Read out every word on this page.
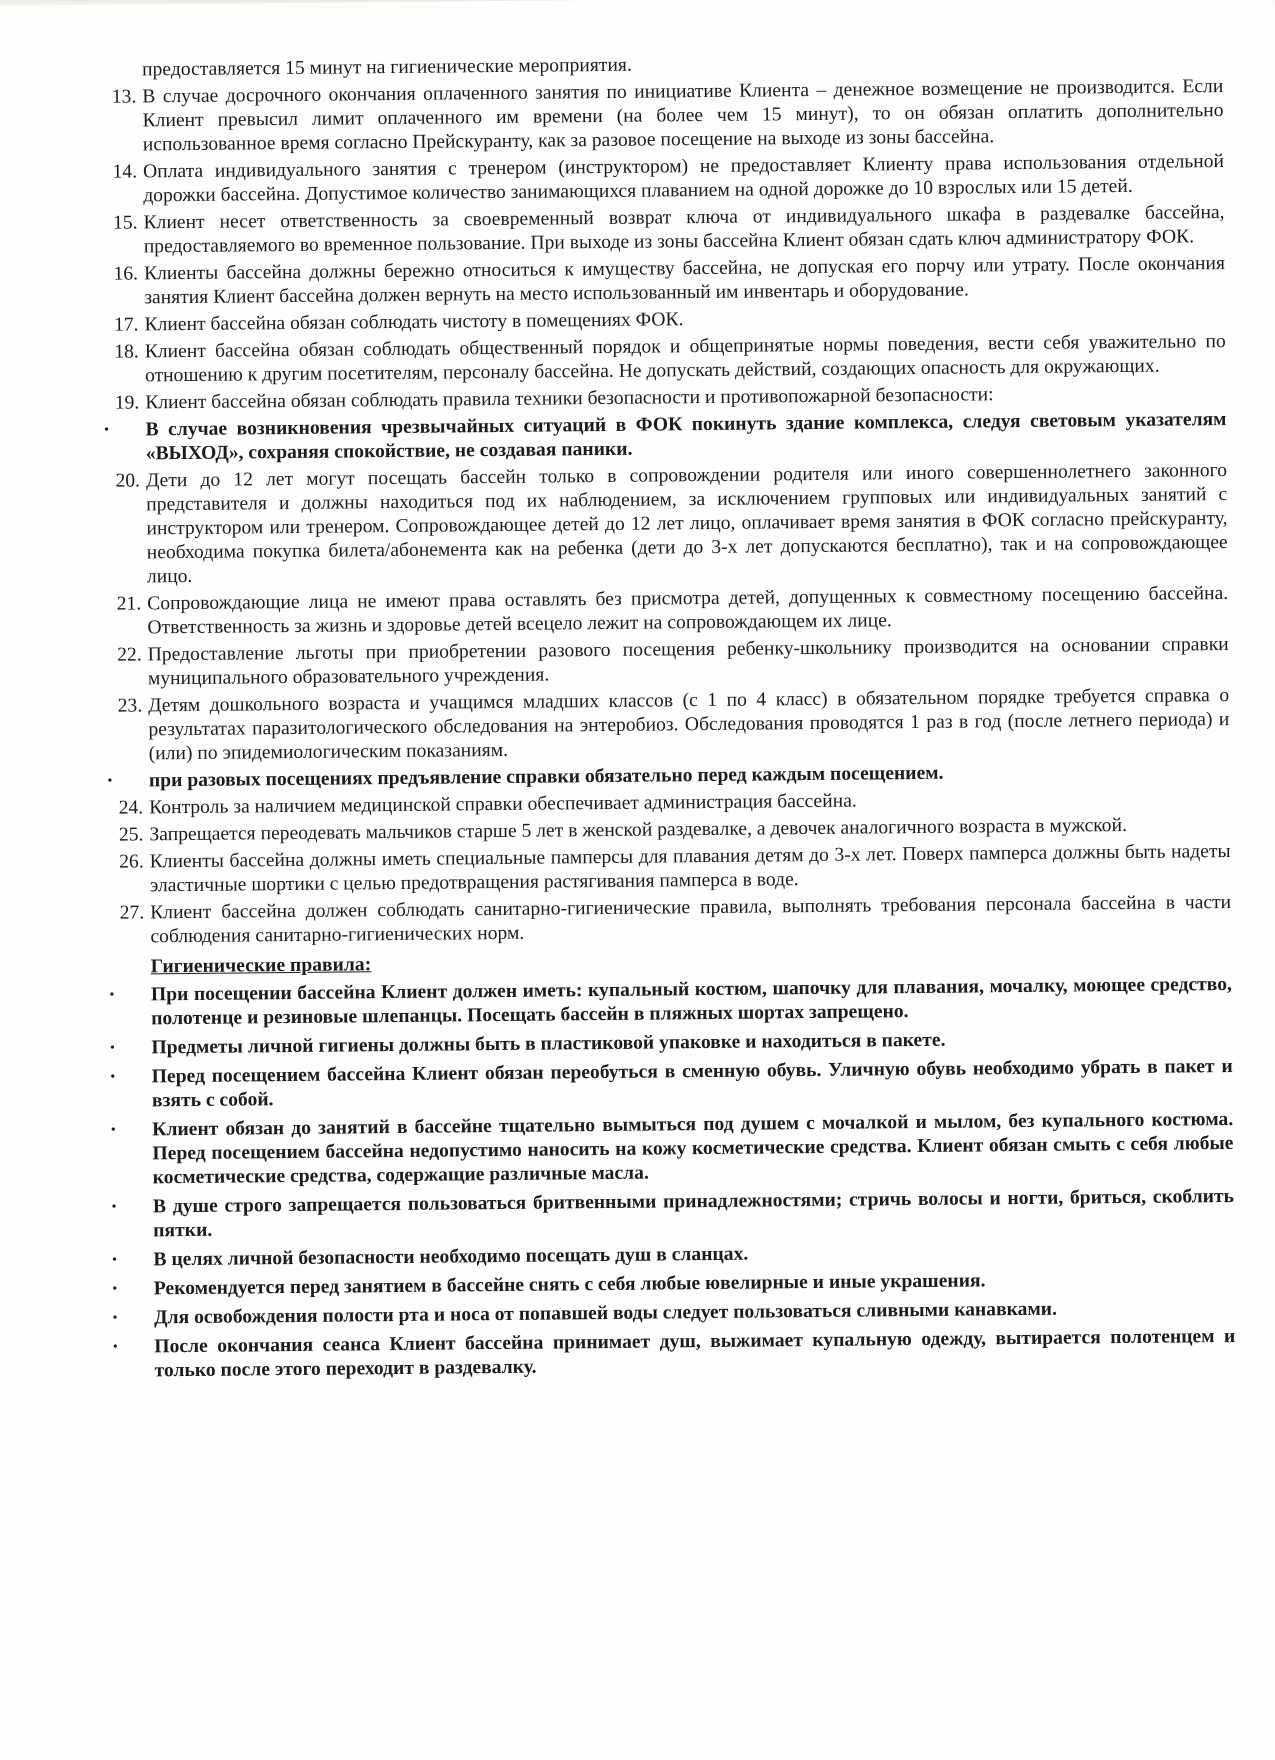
предоставляется 15 минут на гигиенические мероприятия.
13. В случае досрочного окончания оплаченного занятия по инициативе Клиента – денежное возмещение не производится. Если Клиент превысил лимит оплаченного им времени (на более чем 15 минут), то он обязан оплатить дополнительно использованное время согласно Прейскуранту, как за разовое посещение на выходе из зоны бассейна.
14. Оплата индивидуального занятия с тренером (инструктором) не предоставляет Клиенту права использования отдельной дорожки бассейна. Допустимое количество занимающихся плаванием на одной дорожке до 10 взрослых или 15 детей.
15. Клиент несет ответственность за своевременный возврат ключа от индивидуального шкафа в раздевалке бассейна, предоставляемого во временное пользование. При выходе из зоны бассейна Клиент обязан сдать ключ администратору ФОК.
16. Клиенты бассейна должны бережно относиться к имуществу бассейна, не допуская его порчу или утрату. После окончания занятия Клиент бассейна должен вернуть на место использованный им инвентарь и оборудование.
17. Клиент бассейна обязан соблюдать чистоту в помещениях ФОК.
18. Клиент бассейна обязан соблюдать общественный порядок и общепринятые нормы поведения, вести себя уважительно по отношению к другим посетителям, персоналу бассейна. Не допускать действий, создающих опасность для окружающих.
19. Клиент бассейна обязан соблюдать правила техники безопасности и противопожарной безопасности:
•	В случае возникновения чрезвычайных ситуаций в ФОК покинуть здание комплекса, следуя световым указателям «ВЫХОД», сохраняя спокойствие, не создавая паники.
20. Дети до 12 лет могут посещать бассейн только в сопровождении родителя или иного совершеннолетнего законного представителя и должны находиться под их наблюдением, за исключением групповых или индивидуальных занятий с инструктором или тренером. Сопровождающее детей до 12 лет лицо, оплачивает время занятия в ФОК согласно прейскуранту, необходима покупка билета/абонемента как на ребенка (дети до 3-х лет допускаются бесплатно), так и на сопровождающее лицо.
21. Сопровождающие лица не имеют права оставлять без присмотра детей, допущенных к совместному посещению бассейна. Ответственность за жизнь и здоровье детей всецело лежит на сопровождающем их лице.
22. Предоставление льготы при приобретении разового посещения ребенку-школьнику производится на основании справки муниципального образовательного учреждения.
23. Детям дошкольного возраста и учащимся младших классов (с 1 по 4 класс) в обязательном порядке требуется справка о результатах паразитологического обследования на энтеробиоз. Обследования проводятся 1 раз в год (после летнего периода) и (или) по эпидемиологическим показаниям.
•	при разовых посещениях предъявление справки обязательно перед каждым посещением.
24. Контроль за наличием медицинской справки обеспечивает администрация бассейна.
25. Запрещается переодевать мальчиков старше 5 лет в женской раздевалке, а девочек аналогичного возраста в мужской.
26. Клиенты бассейна должны иметь специальные памперсы для плавания детям до 3-х лет. Поверх памперса должны быть надеты эластичные шортики с целью предотвращения растягивания памперса в воде.
27. Клиент бассейна должен соблюдать санитарно-гигиенические правила, выполнять требования персонала бассейна в части соблюдения санитарно-гигиенических норм.
Гигиенические правила:
•	При посещении бассейна Клиент должен иметь: купальный костюм, шапочку для плавания, мочалку, моющее средство, полотенце и резиновые шлепанцы. Посещать бассейн в пляжных шортах запрещено.
•	Предметы личной гигиены должны быть в пластиковой упаковке и находиться в пакете.
•	Перед посещением бассейна Клиент обязан переобуться в сменную обувь. Уличную обувь необходимо убрать в пакет и взять с собой.
•	Клиент обязан до занятий в бассейне тщательно вымыться под душем с мочалкой и мылом, без купального костюма. Перед посещением бассейна недопустимо наносить на кожу косметические средства. Клиент обязан смыть с себя любые косметические средства, содержащие различные масла.
•	В душе строго запрещается пользоваться бритвенными принадлежностями; стричь волосы и ногти, бриться, скоблить пятки.
•	В целях личной безопасности необходимо посещать душ в сланцах.
•	Рекомендуется перед занятием в бассейне снять с себя любые ювелирные и иные украшения.
•	Для освобождения полости рта и носа от попавшей воды следует пользоваться сливными канавками.
•	После окончания сеанса Клиент бассейна принимает душ, выжимает купальную одежду, вытирается полотенцем и только после этого переходит в раздевалку.
